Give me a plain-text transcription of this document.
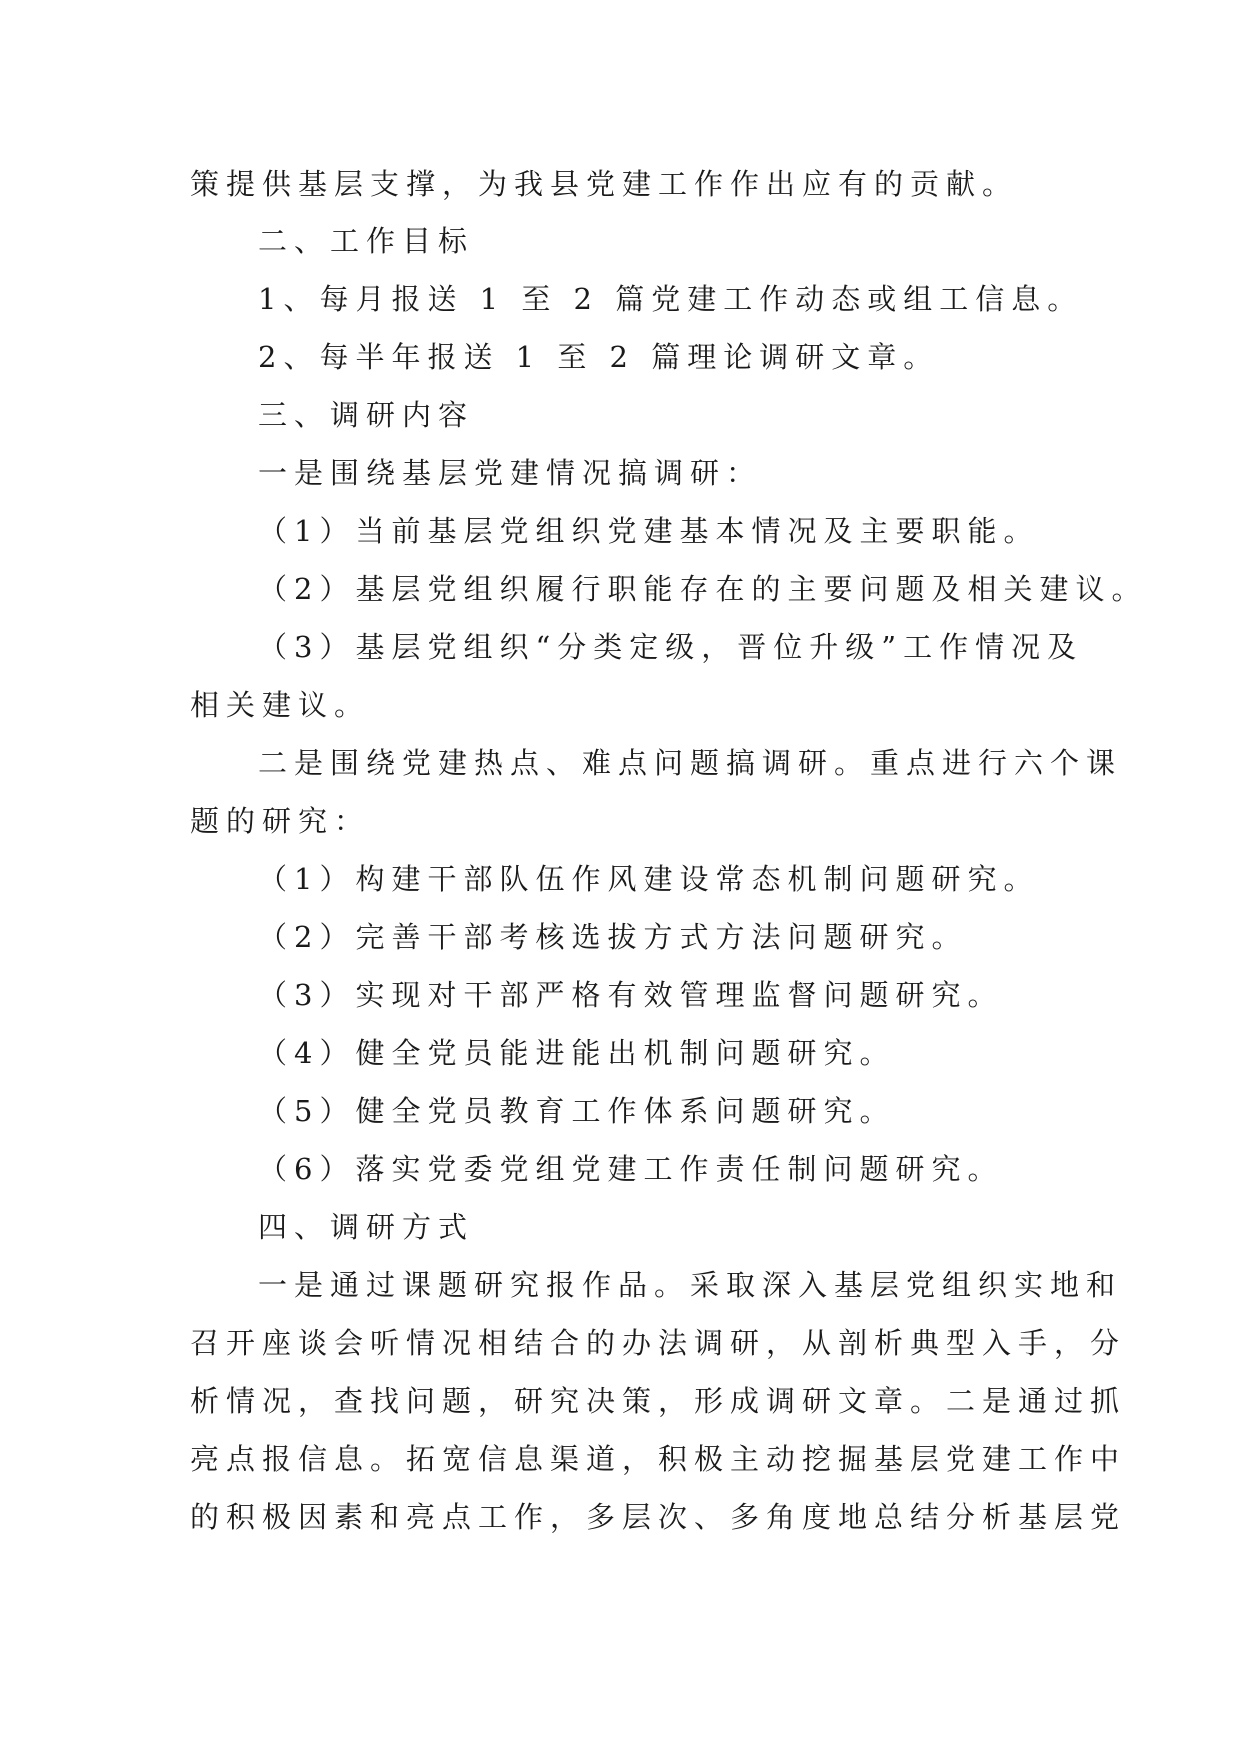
策提供基层支撑，为我县党建工作作出应有的贡献。

二、工作目标

1、每月报送 1 至 2 篇党建工作动态或组工信息。

2、每半年报送 1 至 2 篇理论调研文章。

三、调研内容

一是围绕基层党建情况搞调研：

（1）当前基层党组织党建基本情况及主要职能。

（2）基层党组织履行职能存在的主要问题及相关建议。

（3）基层党组织“分类定级，晋位升级”工作情况及

相关建议。

二是围绕党建热点、难点问题搞调研。重点进行六个课

题的研究：

（1）构建干部队伍作风建设常态机制问题研究。

（2）完善干部考核选拔方式方法问题研究。

（3）实现对干部严格有效管理监督问题研究。

（4）健全党员能进能出机制问题研究。

（5）健全党员教育工作体系问题研究。

（6）落实党委党组党建工作责任制问题研究。

四、调研方式

一是通过课题研究报作品。采取深入基层党组织实地和

召开座谈会听情况相结合的办法调研，从剖析典型入手，分

析情况，查找问题，研究决策，形成调研文章。二是通过抓

亮点报信息。拓宽信息渠道，积极主动挖掘基层党建工作中

的积极因素和亮点工作，多层次、多角度地总结分析基层党
